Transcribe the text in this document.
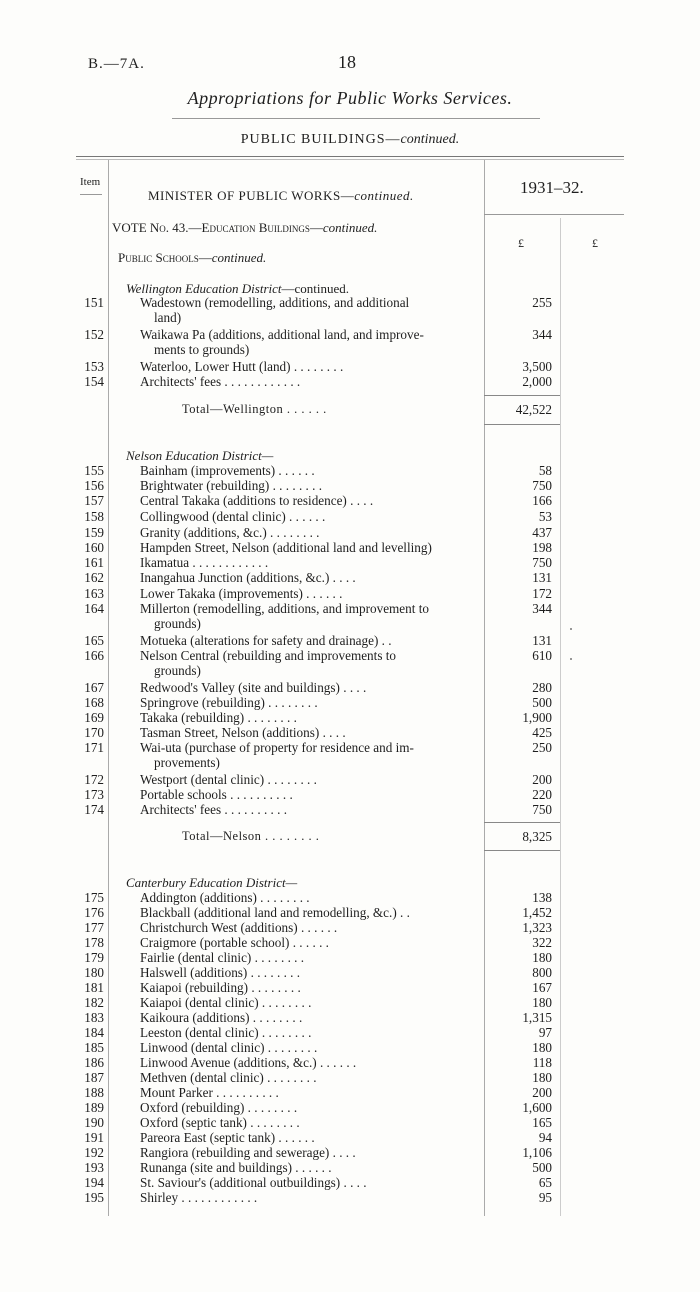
B.—7A.	18
Appropriations for Public Works Services.
PUBLIC BUILDINGS—continued.
Item
MINISTER OF PUBLIC WORKS—continued.	1931–32.
£	£
VOTE No. 43.—Education Buildings—continued.
Public Schools—continued.
Wellington Education District—continued.
151	Wadestown (remodelling, additions, and additional	255
land)
152	Waikawa Pa (additions, additional land, and improve-	344
ments to grounds)
153	Waterloo, Lower Hutt (land) . . . . . . . .	3,500
154	Architects' fees . . . . . . . . . . . .	2,000
Total—Wellington . . . . . .	42,522
Nelson Education District—
155	Bainham (improvements) . . . . . .	58
156	Brightwater (rebuilding) . . . . . . . .	750
157	Central Takaka (additions to residence) . . . .	166
158	Collingwood (dental clinic) . . . . . .	53
159	Granity (additions, &c.) . . . . . . . .	437
160	Hampden Street, Nelson (additional land and levelling)	198
161	Ikamatua . . . . . . . . . . . .	750
162	Inangahua Junction (additions, &c.) . . . .	131
163	Lower Takaka (improvements) . . . . . .	172
164	Millerton (remodelling, additions, and improvement to	344
grounds)
165	Motueka (alterations for safety and drainage) . .	131
166	Nelson Central (rebuilding and improvements to	610
grounds)
167	Redwood's Valley (site and buildings) . . . .	280
168	Springrove (rebuilding) . . . . . . . .	500
169	Takaka (rebuilding) . . . . . . . .	1,900
170	Tasman Street, Nelson (additions) . . . .	425
171	Wai-uta (purchase of property for residence and im-	250
provements)
172	Westport (dental clinic) . . . . . . . .	200
173	Portable schools . . . . . . . . . .	220
174	Architects' fees . . . . . . . . . .	750
Total—Nelson . . . . . . . .	8,325
Canterbury Education District—
175	Addington (additions) . . . . . . . .	138
176	Blackball (additional land and remodelling, &c.) . .	1,452
177	Christchurch West (additions) . . . . . .	1,323
178	Craigmore (portable school) . . . . . .	322
179	Fairlie (dental clinic) . . . . . . . .	180
180	Halswell (additions) . . . . . . . .	800
181	Kaiapoi (rebuilding) . . . . . . . .	167
182	Kaiapoi (dental clinic) . . . . . . . .	180
183	Kaikoura (additions) . . . . . . . .	1,315
184	Leeston (dental clinic) . . . . . . . .	97
185	Linwood (dental clinic) . . . . . . . .	180
186	Linwood Avenue (additions, &c.) . . . . . .	118
187	Methven (dental clinic) . . . . . . . .	180
188	Mount Parker . . . . . . . . . .	200
189	Oxford (rebuilding) . . . . . . . .	1,600
190	Oxford (septic tank) . . . . . . . .	165
191	Pareora East (septic tank) . . . . . .	94
192	Rangiora (rebuilding and sewerage) . . . .	1,106
193	Runanga (site and buildings) . . . . . .	500
194	St. Saviour's (additional outbuildings) . . . .	65
195	Shirley . . . . . . . . . . . .	95
